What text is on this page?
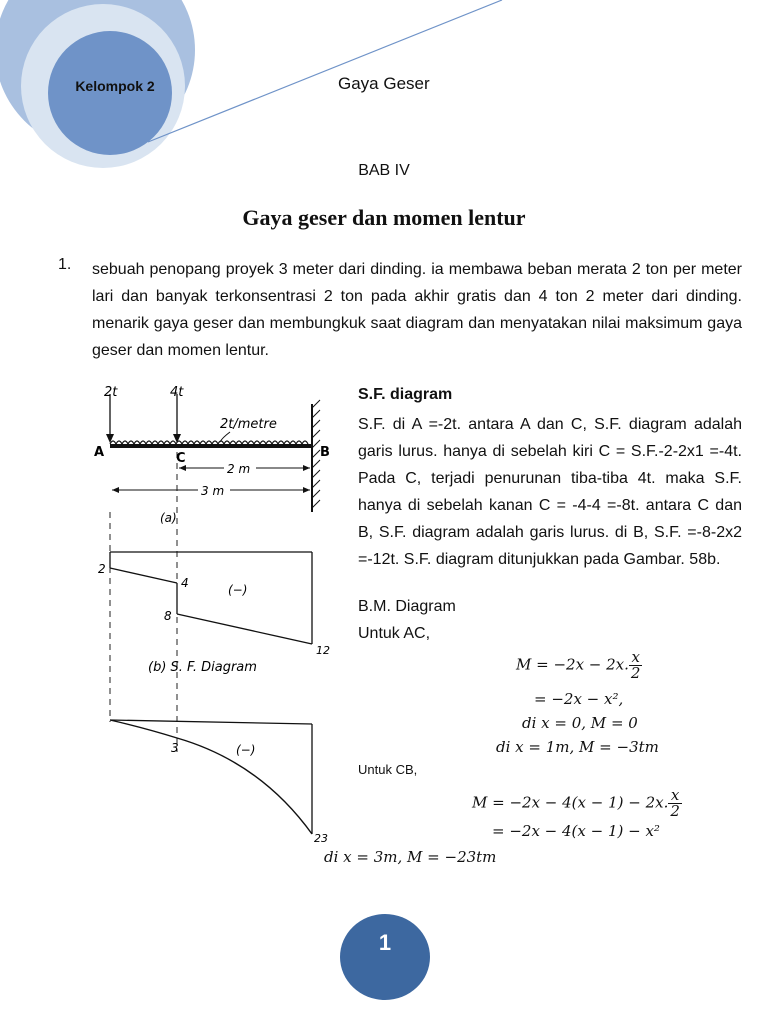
Kelompok 2	Gaya Geser
BAB IV
Gaya geser dan momen lentur
1. sebuah penopang proyek 3 meter dari dinding. ia membawa beban merata 2 ton per meter lari dan banyak terkonsentrasi 2 ton pada akhir gratis dan 4 ton 2 meter dari dinding. menarik gaya geser dan membungkuk saat diagram dan menyatakan nilai maksimum gaya geser dan momen lentur.
2t	4t
2t/metre
A	C	B
2 m
3 m
(a)
2
4
8
12
(−)
(b) S. F. Diagram
3	(−)
23
S.F. diagram
S.F. di A =-2t. antara A dan C, S.F. diagram adalah garis lurus. hanya di sebelah kiri C = S.F.-2-2x1 =-4t. Pada C, terjadi penurunan tiba-tiba 4t. maka S.F. hanya di sebelah kanan C = -4-4 =-8t. antara C dan B, S.F. diagram adalah garis lurus. di B, S.F. =-8-2x2 =-12t. S.F. diagram ditunjukkan pada Gambar. 58b.
B.M. Diagram
Untuk AC,
M = −2x − 2x. $\frac{x}{2}$
= −2x − x²,
di x = 0, M = 0
di x = 1m, M = −3tm
Untuk CB,
M = −2x − 4(x − 1) − 2x. $\frac{x}{2}$
= −2x − 4(x − 1) − x²
di x = 3m, M = −23tm
1
